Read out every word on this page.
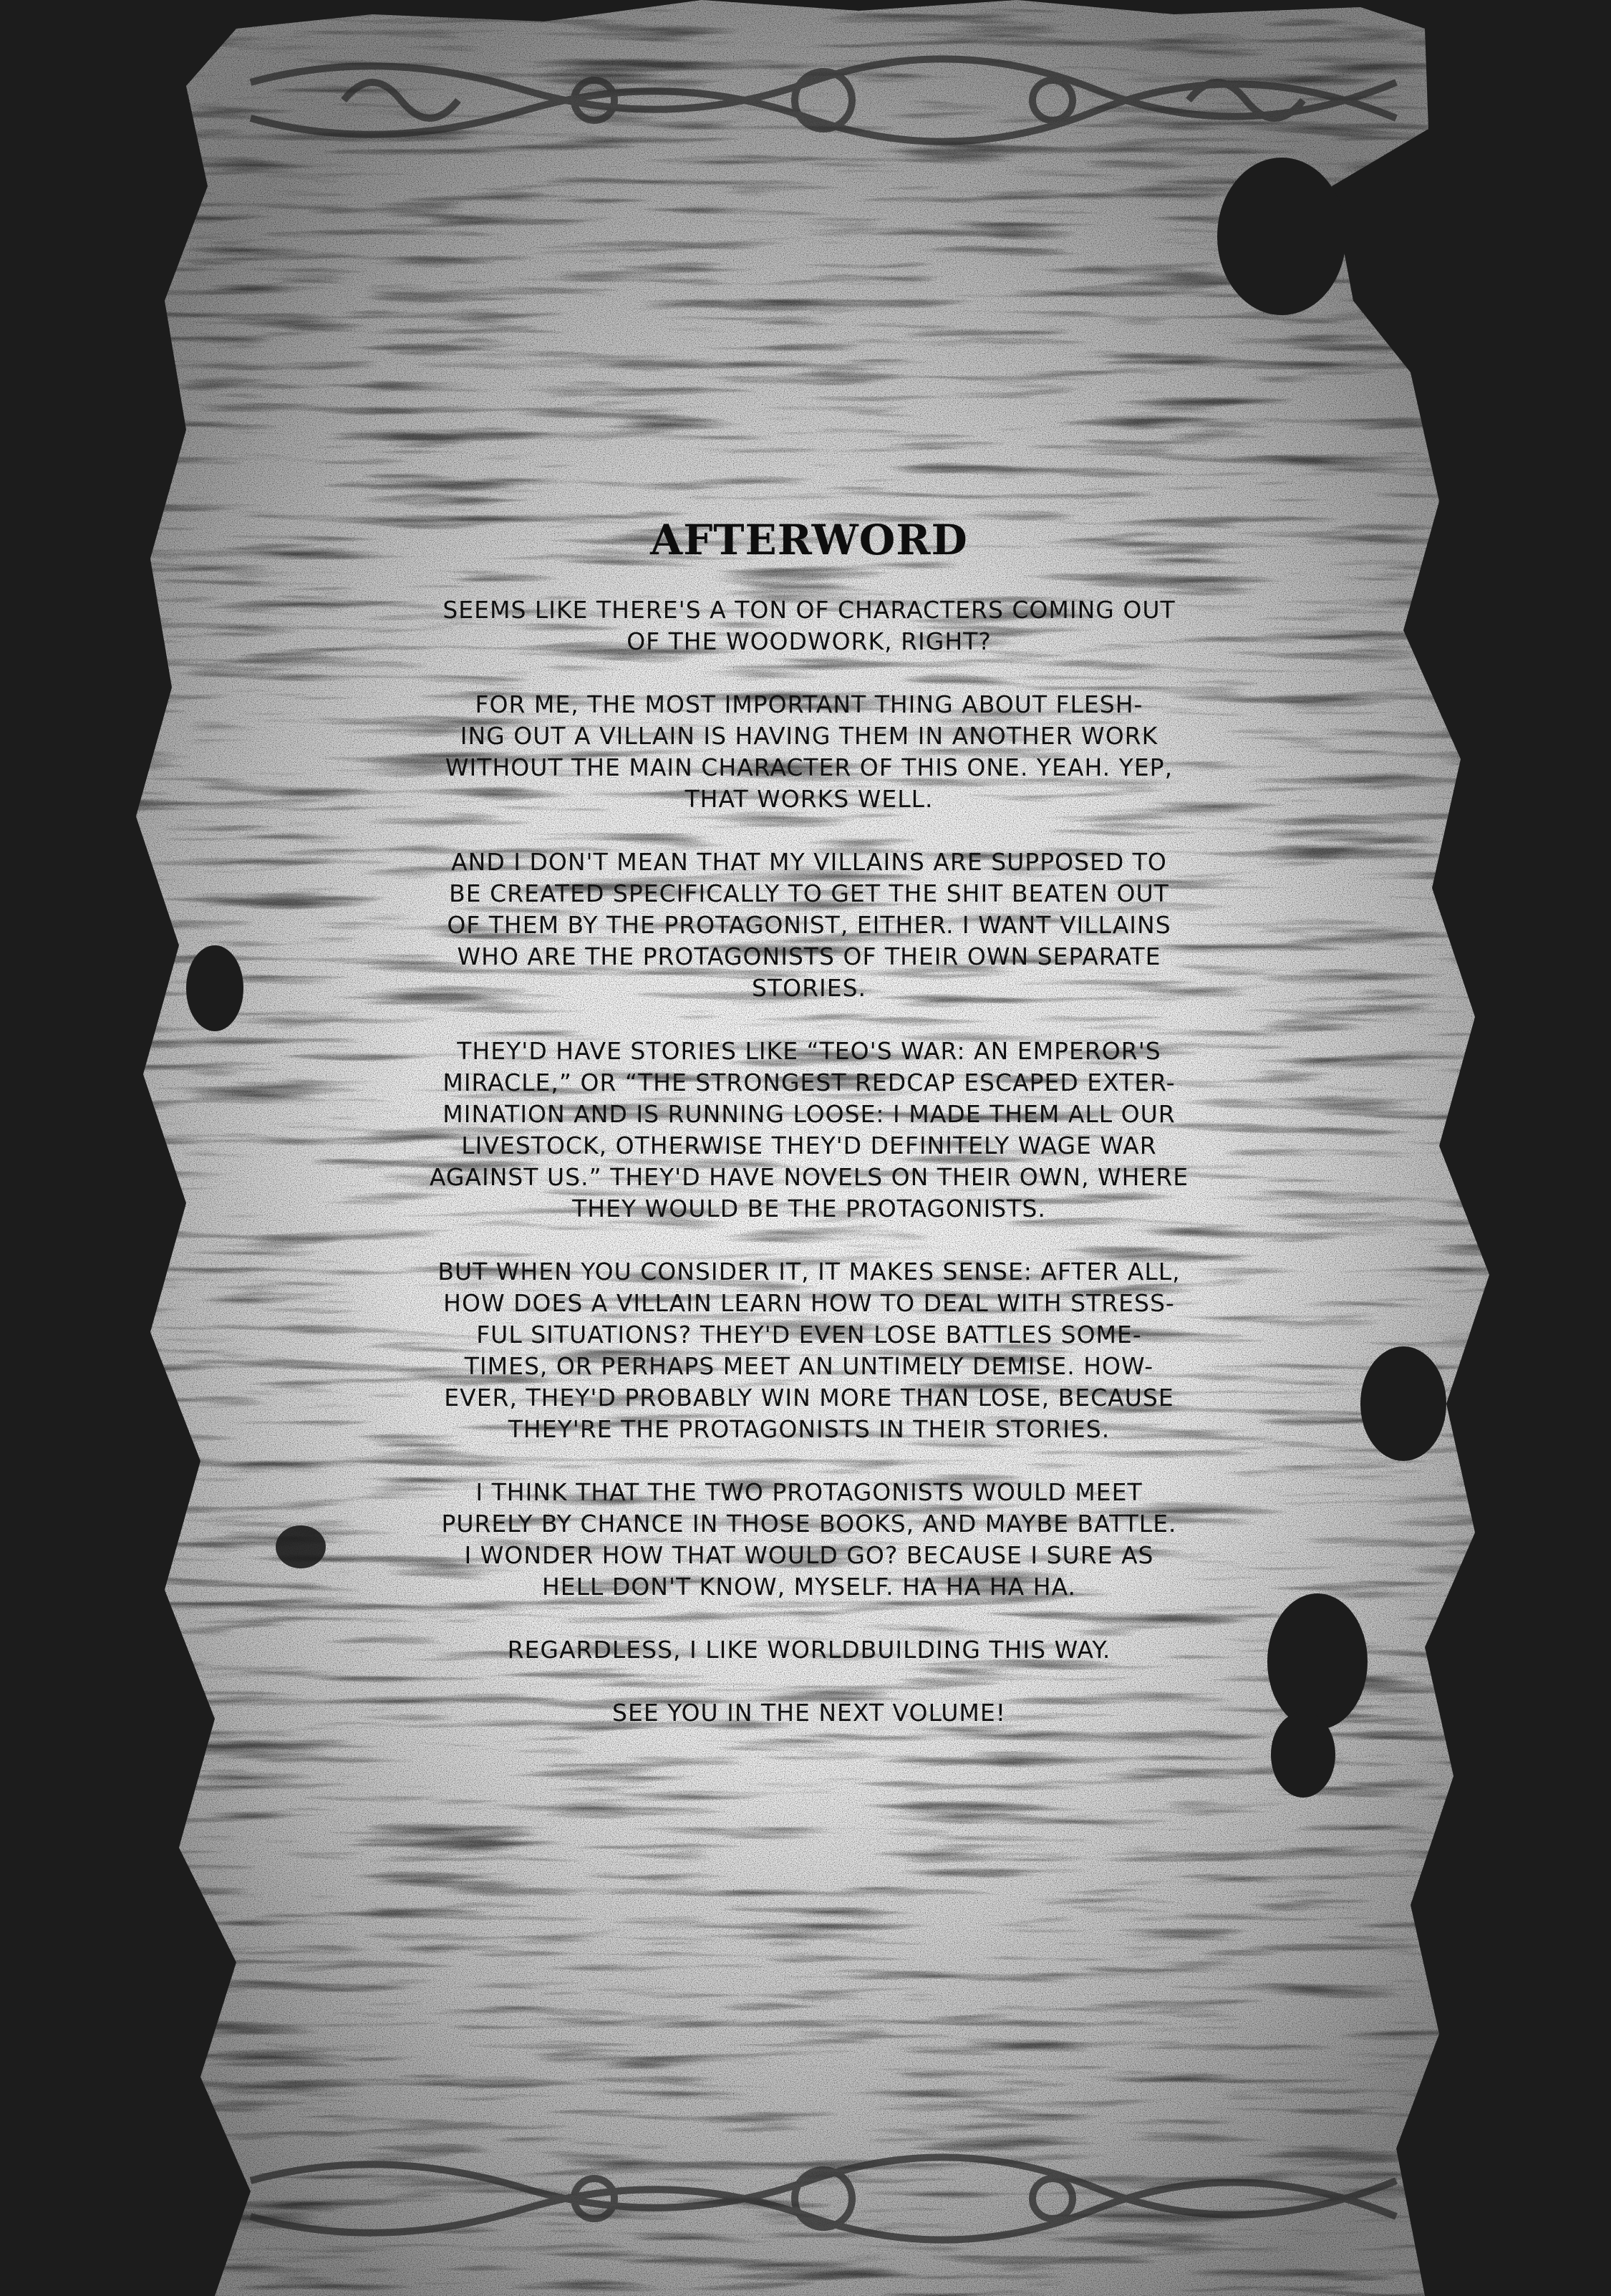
AFTERWORD

SEEMS LIKE THERE'S A TON OF CHARACTERS COMING OUT
OF THE WOODWORK, RIGHT?

FOR ME, THE MOST IMPORTANT THING ABOUT FLESH-
ING OUT A VILLAIN IS HAVING THEM IN ANOTHER WORK
WITHOUT THE MAIN CHARACTER OF THIS ONE. YEAH. YEP,
THAT WORKS WELL.

AND I DON'T MEAN THAT MY VILLAINS ARE SUPPOSED TO
BE CREATED SPECIFICALLY TO GET THE SHIT BEATEN OUT
OF THEM BY THE PROTAGONIST, EITHER. I WANT VILLAINS
WHO ARE THE PROTAGONISTS OF THEIR OWN SEPARATE
STORIES.

THEY'D HAVE STORIES LIKE “TEO'S WAR: AN EMPEROR'S
MIRACLE,” OR “THE STRONGEST REDCAP ESCAPED EXTER-
MINATION AND IS RUNNING LOOSE: I MADE THEM ALL OUR
LIVESTOCK, OTHERWISE THEY'D DEFINITELY WAGE WAR
AGAINST US.” THEY'D HAVE NOVELS ON THEIR OWN, WHERE
THEY WOULD BE THE PROTAGONISTS.

BUT WHEN YOU CONSIDER IT, IT MAKES SENSE: AFTER ALL,
HOW DOES A VILLAIN LEARN HOW TO DEAL WITH STRESS-
FUL SITUATIONS? THEY'D EVEN LOSE BATTLES SOME-
TIMES, OR PERHAPS MEET AN UNTIMELY DEMISE. HOW-
EVER, THEY'D PROBABLY WIN MORE THAN LOSE, BECAUSE
THEY'RE THE PROTAGONISTS IN THEIR STORIES.

I THINK THAT THE TWO PROTAGONISTS WOULD MEET
PURELY BY CHANCE IN THOSE BOOKS, AND MAYBE BATTLE.
I WONDER HOW THAT WOULD GO? BECAUSE I SURE AS
HELL DON'T KNOW, MYSELF. HA HA HA HA.

REGARDLESS, I LIKE WORLDBUILDING THIS WAY.

SEE YOU IN THE NEXT VOLUME!
